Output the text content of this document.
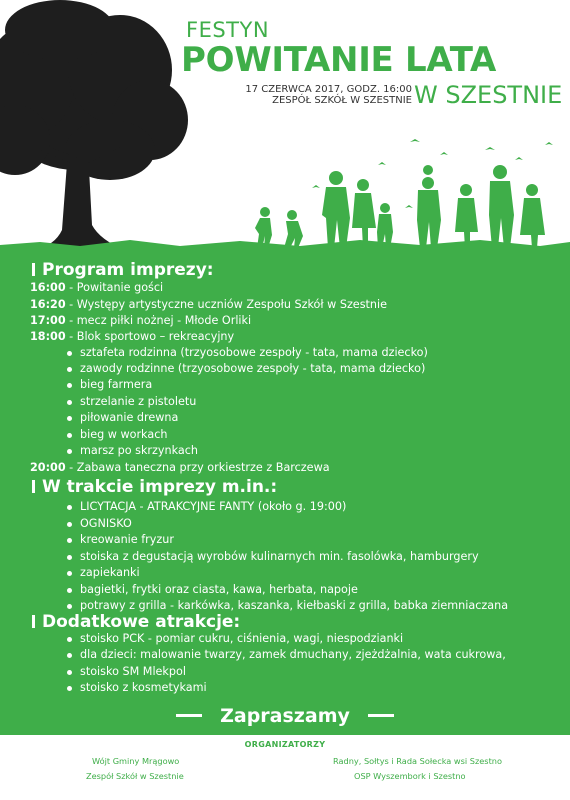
FESTYN
POWITANIE LATA
17 CZERWCA 2017, GODZ. 16:00
ZESPÓŁ SZKÓŁ W SZESTNIE W SZESTNIE
Program imprezy:
16:00 - Powitanie gości
16:20 - Występy artystyczne uczniów Zespołu Szkół w Szestnie
17:00 - mecz piłki nożnej - Młode Orliki
18:00 - Blok sportowo – rekreacyjny
sztafeta rodzinna (trzyosobowe zespoły - tata, mama dziecko)
zawody rodzinne (trzyosobowe zespoły - tata, mama dziecko)
bieg farmera
strzelanie z pistoletu
piłowanie drewna
bieg w workach
marsz po skrzynkach
20:00 - Zabawa taneczna przy orkiestrze z Barczewa
W trakcie imprezy m.in.:
LICYTACJA - ATRAKCYJNE FANTY (około g. 19:00)
OGNISKO
kreowanie fryzur
stoiska z degustacją wyrobów kulinarnych min. fasolówka, hamburgery
zapiekanki
bagietki, frytki oraz ciasta, kawa, herbata, napoje
potrawy z grilla - karkówka, kaszanka, kiełbaski z grilla, babka ziemniaczana
Dodatkowe atrakcje:
stoisko PCK - pomiar cukru, ciśnienia, wagi, niespodzianki
dla dzieci: malowanie twarzy, zamek dmuchany, zjeżdżalnia, wata cukrowa,
stoisko SM Mlekpol
stoisko z kosmetykami
Zapraszamy
ORGANIZATORZY
Wójt Gminy Mrągowo
Zespół Szkół w Szestnie
Radny, Sołtys i Rada Sołecka wsi Szestno
OSP Wyszembork i Szestno
